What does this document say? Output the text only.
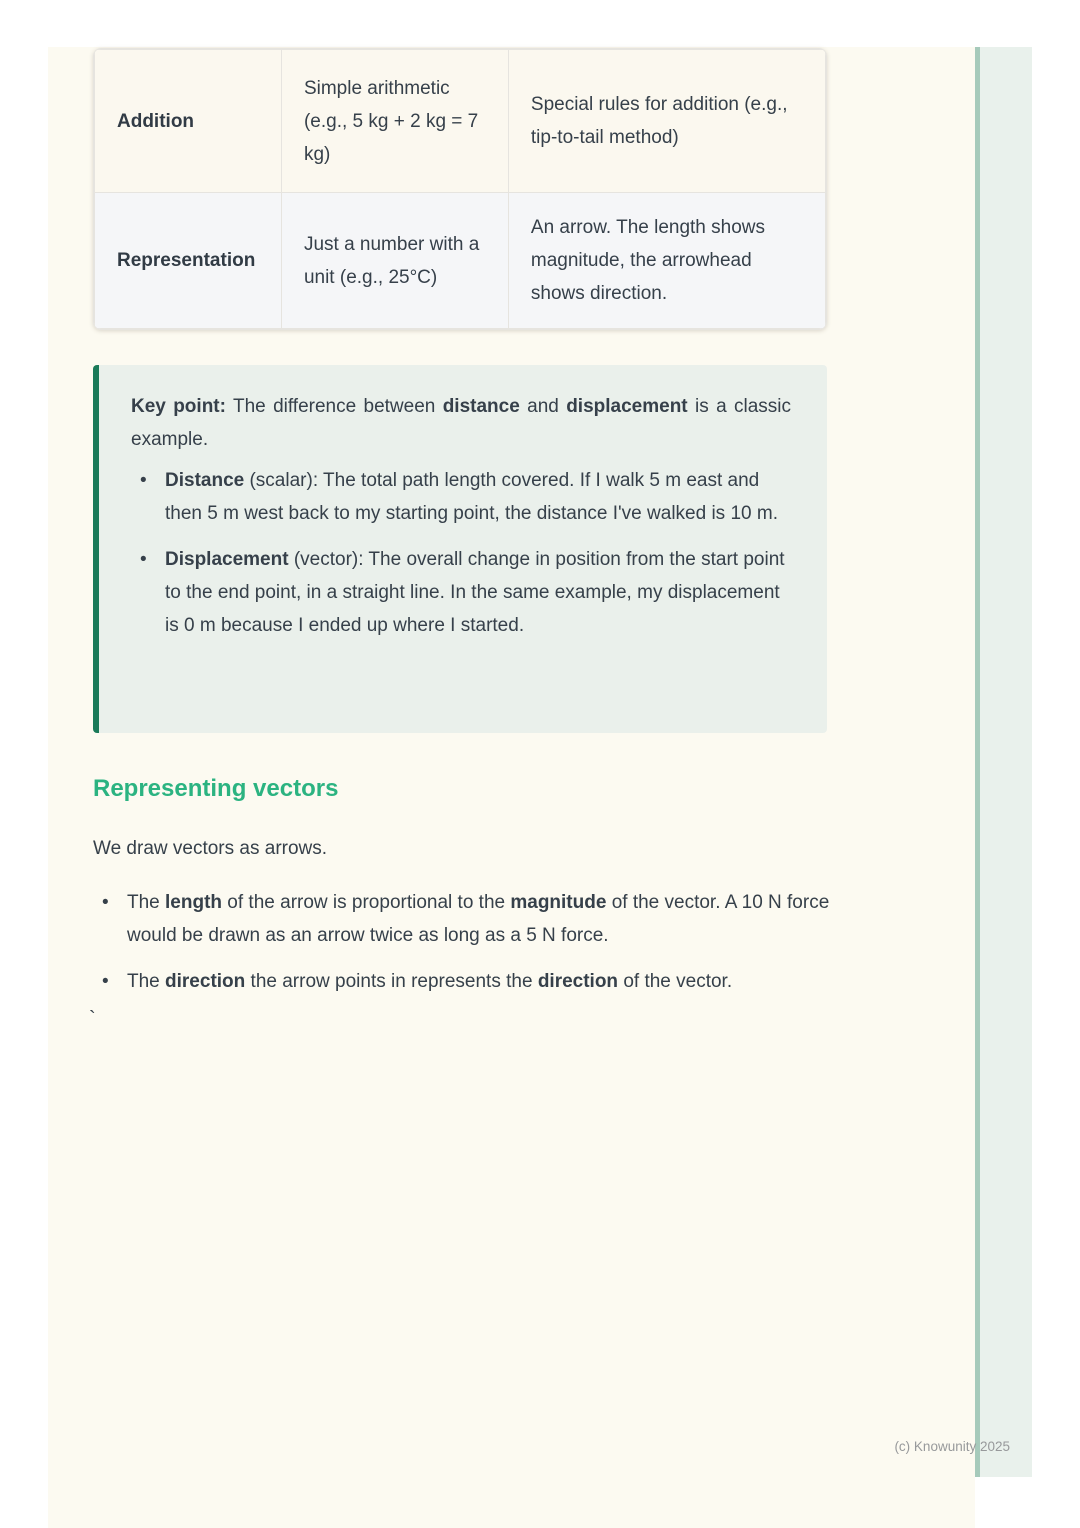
Addition	Simple arithmetic (e.g., 5 kg + 2 kg = 7 kg)	Special rules for addition (e.g., tip-to-tail method)
Representation	Just a number with a unit (e.g., 25°C)	An arrow. The length shows magnitude, the arrowhead shows direction.

Key point: The difference between distance and displacement is a classic example.

• Distance (scalar): The total path length covered. If I walk 5 m east and then 5 m west back to my starting point, the distance I've walked is 10 m.
• Displacement (vector): The overall change in position from the start point to the end point, in a straight line. In the same example, my displacement is 0 m because I ended up where I started.
Representing vectors

We draw vectors as arrows.

• The length of the arrow is proportional to the magnitude of the vector. A 10 N force would be drawn as an arrow twice as long as a 5 N force.
• The direction the arrow points in represents the direction of the vector.
`
(c) Knowunity 2025
